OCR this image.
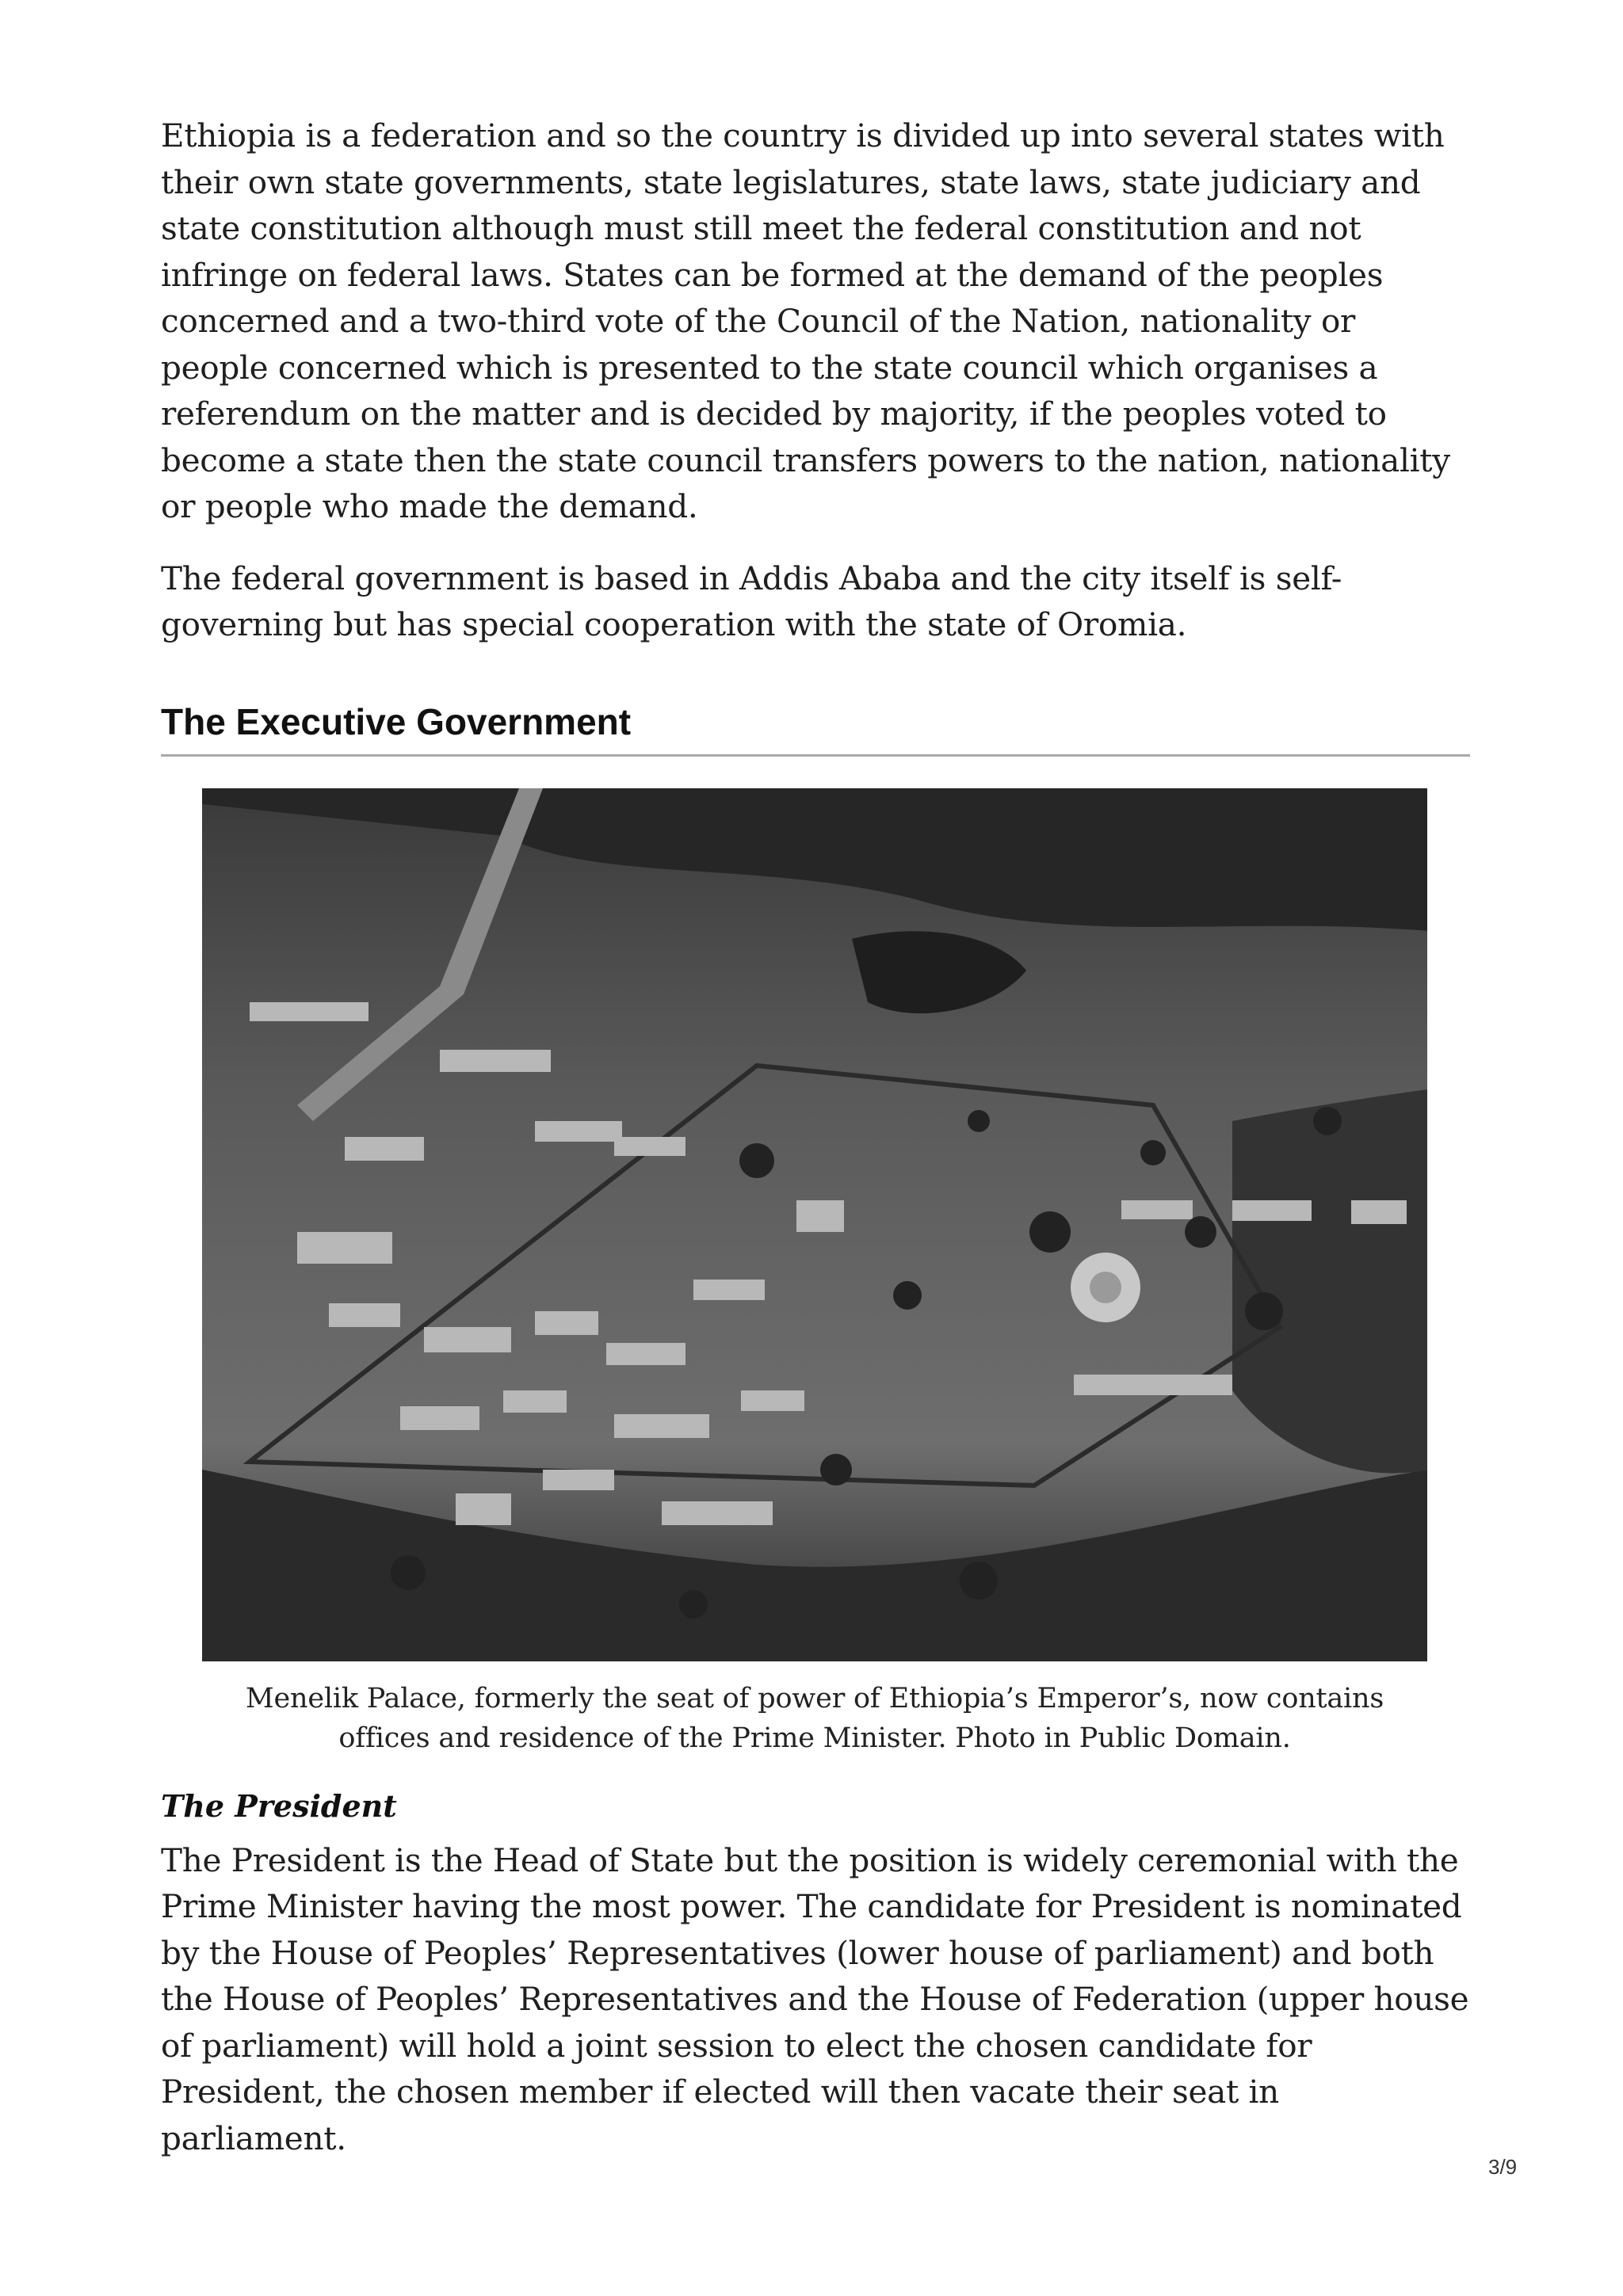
Ethiopia is a federation and so the country is divided up into several states with their own state governments, state legislatures, state laws, state judiciary and state constitution although must still meet the federal constitution and not infringe on federal laws. States can be formed at the demand of the peoples concerned and a two-third vote of the Council of the Nation, nationality or people concerned which is presented to the state council which organises a referendum on the matter and is decided by majority, if the peoples voted to become a state then the state council transfers powers to the nation, nationality or people who made the demand.

The federal government is based in Addis Ababa and the city itself is self-governing but has special cooperation with the state of Oromia.

The Executive Government
Menelik Palace, formerly the seat of power of Ethiopia’s Emperor’s, now contains offices and residence of the Prime Minister. Photo in Public Domain.
The President

The President is the Head of State but the position is widely ceremonial with the Prime Minister having the most power. The candidate for President is nominated by the House of Peoples’ Representatives (lower house of parliament) and both the House of Peoples’ Representatives and the House of Federation (upper house of parliament) will hold a joint session to elect the chosen candidate for President, the chosen member if elected will then vacate their seat in parliament.

3/9
